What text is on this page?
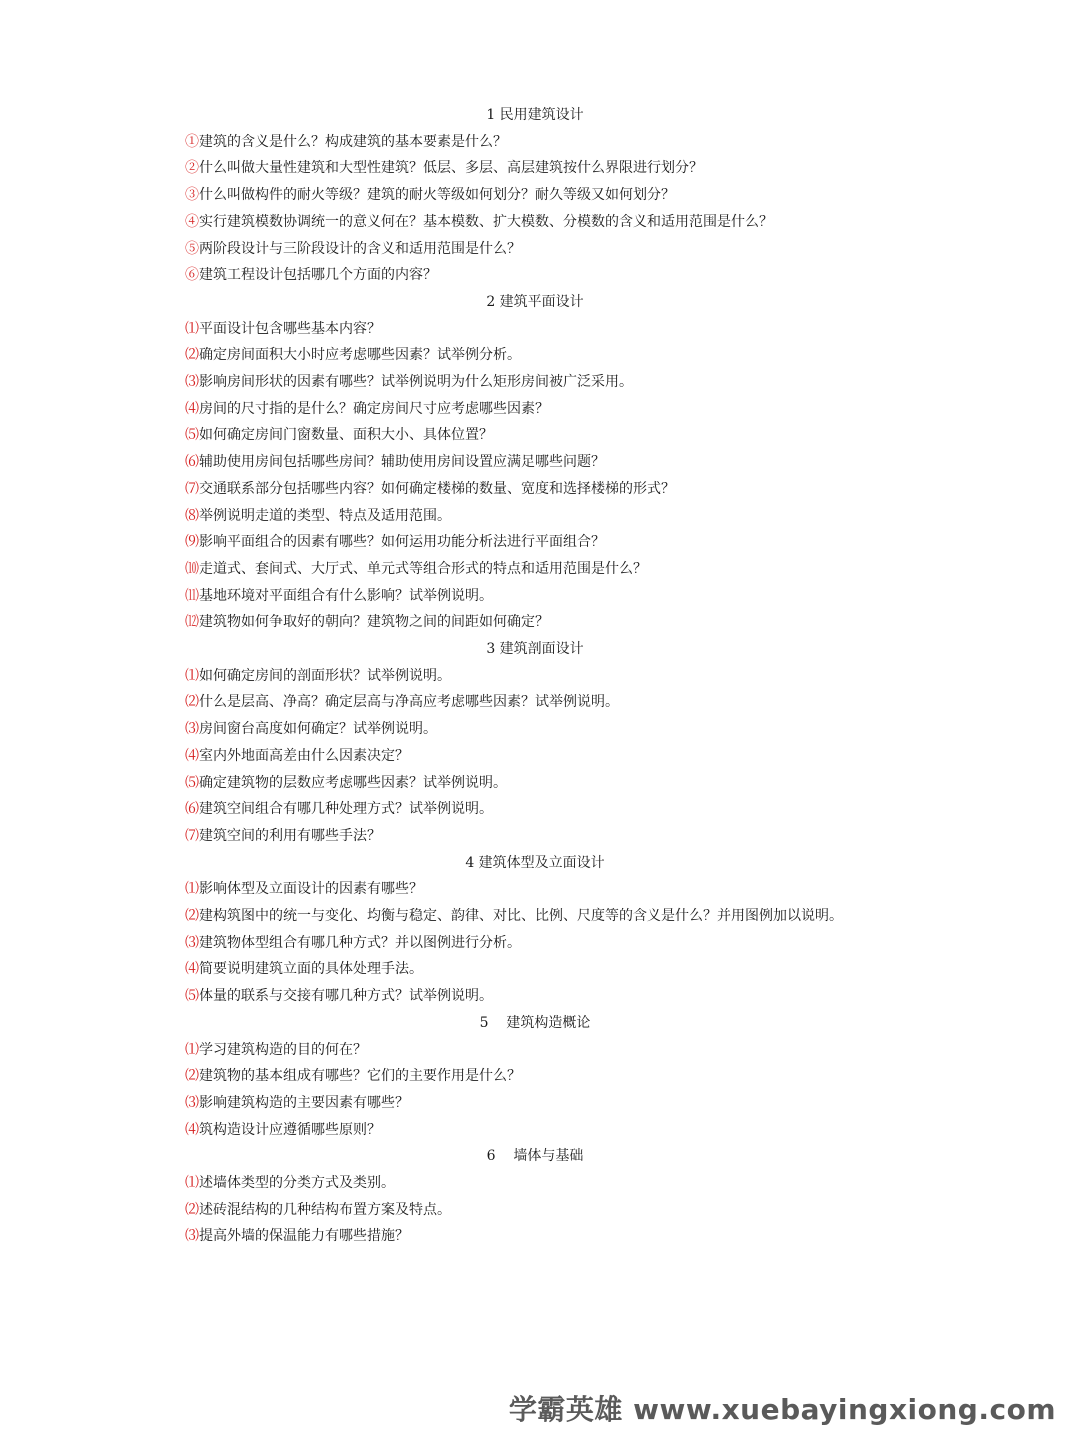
1 民用建筑设计
①建筑的含义是什么？构成建筑的基本要素是什么？
②什么叫做大量性建筑和大型性建筑？低层、多层、高层建筑按什么界限进行划分？
③什么叫做构件的耐火等级？建筑的耐火等级如何划分？耐久等级又如何划分？
④实行建筑模数协调统一的意义何在？基本模数、扩大模数、分模数的含义和适用范围是什么？
⑤两阶段设计与三阶段设计的含义和适用范围是什么？
⑥建筑工程设计包括哪几个方面的内容？
2 建筑平面设计
⑴平面设计包含哪些基本内容？
⑵确定房间面积大小时应考虑哪些因素？试举例分析。
⑶影响房间形状的因素有哪些？试举例说明为什么矩形房间被广泛采用。
⑷房间的尺寸指的是什么？确定房间尺寸应考虑哪些因素？
⑸如何确定房间门窗数量、面积大小、具体位置？
⑹辅助使用房间包括哪些房间？辅助使用房间设置应满足哪些问题？
⑺交通联系部分包括哪些内容？如何确定楼梯的数量、宽度和选择楼梯的形式？
⑻举例说明走道的类型、特点及适用范围。
⑼影响平面组合的因素有哪些？如何运用功能分析法进行平面组合？
⑽走道式、套间式、大厅式、单元式等组合形式的特点和适用范围是什么？
⑾基地环境对平面组合有什么影响？试举例说明。
⑿建筑物如何争取好的朝向？建筑物之间的间距如何确定？
3 建筑剖面设计
⑴如何确定房间的剖面形状？试举例说明。
⑵什么是层高、净高？确定层高与净高应考虑哪些因素？试举例说明。
⑶房间窗台高度如何确定？试举例说明。
⑷室内外地面高差由什么因素决定？
⑸确定建筑物的层数应考虑哪些因素？试举例说明。
⑹建筑空间组合有哪几种处理方式？试举例说明。
⑺建筑空间的利用有哪些手法？
4 建筑体型及立面设计
⑴影响体型及立面设计的因素有哪些？
⑵建构筑图中的统一与变化、均衡与稳定、韵律、对比、比例、尺度等的含义是什么？并用图例加以说明。
⑶建筑物体型组合有哪几种方式？并以图例进行分析。
⑷简要说明建筑立面的具体处理手法。
⑸体量的联系与交接有哪几种方式？试举例说明。
5    建筑构造概论
⑴学习建筑构造的目的何在？
⑵建筑物的基本组成有哪些？它们的主要作用是什么？
⑶影响建筑构造的主要因素有哪些？
⑷筑构造设计应遵循哪些原则？
6    墙体与基础
⑴述墙体类型的分类方式及类别。
⑵述砖混结构的几种结构布置方案及特点。
⑶提高外墙的保温能力有哪些措施？
学霸英雄 www.xuebayingxiong.com
